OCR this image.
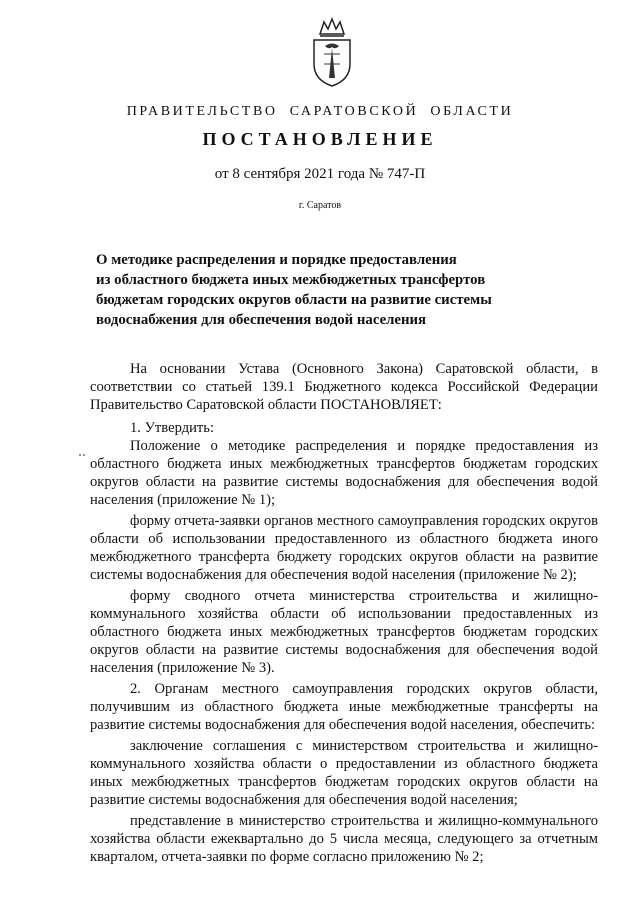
ПРАВИТЕЛЬСТВО САРАТОВСКОЙ ОБЛАСТИ
ПОСТАНОВЛЕНИЕ
от 8 сентября 2021 года № 747-П
г. Саратов
О методике распределения и порядке предоставления
из областного бюджета иных межбюджетных трансфертов
бюджетам городских округов области на развитие системы
водоснабжения для обеспечения водой населения

На основании Устава (Основного Закона) Саратовской области, в соответствии со статьей 139.1 Бюджетного кодекса Российской Федерации Правительство Саратовской области ПОСТАНОВЛЯЕТ:

1. Утвердить:

Положение о методике распределения и порядке предоставления из областного бюджета иных межбюджетных трансфертов бюджетам городских округов области на развитие системы водоснабжения для обеспечения водой населения (приложение № 1);

форму отчета-заявки органов местного самоуправления городских округов области об использовании предоставленного из областного бюджета иного межбюджетного трансферта бюджету городских округов области на развитие системы водоснабжения для обеспечения водой населения (приложение № 2);

форму сводного отчета министерства строительства и жилищно-коммунального хозяйства области об использовании предоставленных из областного бюджета иных межбюджетных трансфертов бюджетам городских округов области на развитие системы водоснабжения для обеспечения водой населения (приложение № 3).

2. Органам местного самоуправления городских округов области, получившим из областного бюджета иные межбюджетные трансферты на развитие системы водоснабжения для обеспечения водой населения, обеспечить:

заключение соглашения с министерством строительства и жилищно-коммунального хозяйства области о предоставлении из областного бюджета иных межбюджетных трансфертов бюджетам городских округов области на развитие системы водоснабжения для обеспечения водой населения;

представление в министерство строительства и жилищно-коммунального хозяйства области ежеквартально до 5 числа месяца, следующего за отчетным кварталом, отчета-заявки по форме согласно приложению № 2;
